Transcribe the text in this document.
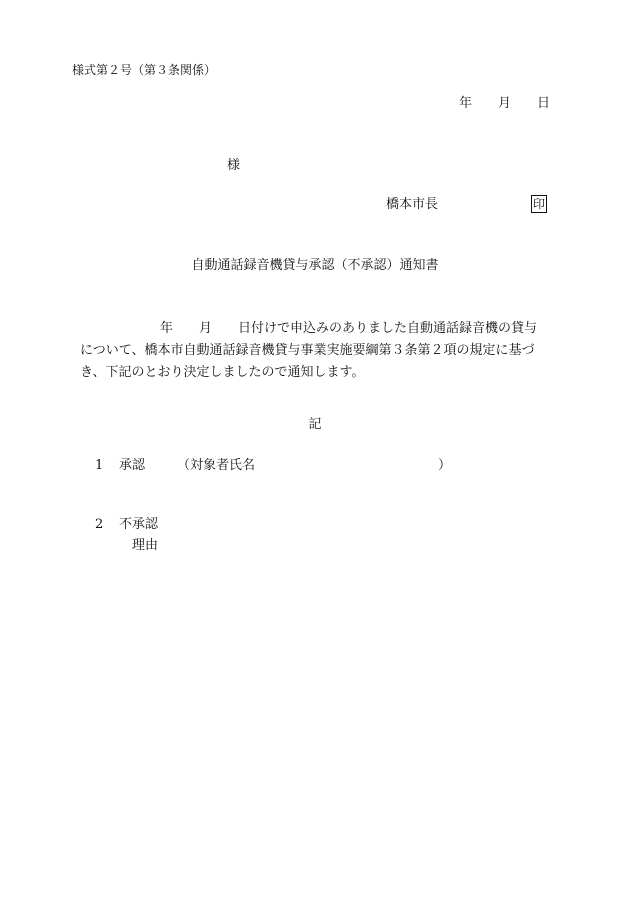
様式第２号（第３条関係）
年 月 日
様
橋本市長	印
自動通話録音機貸与承認（不承認）通知書
年 月 日付けで申込みのありました自動通話録音機の貸与
について、橋本市自動通話録音機貸与事業実施要綱第３条第２項の規定に基づ
き、下記のとおり決定しましたので通知します。
記
1 承認 （対象者氏名	）
2 不承認
理由
